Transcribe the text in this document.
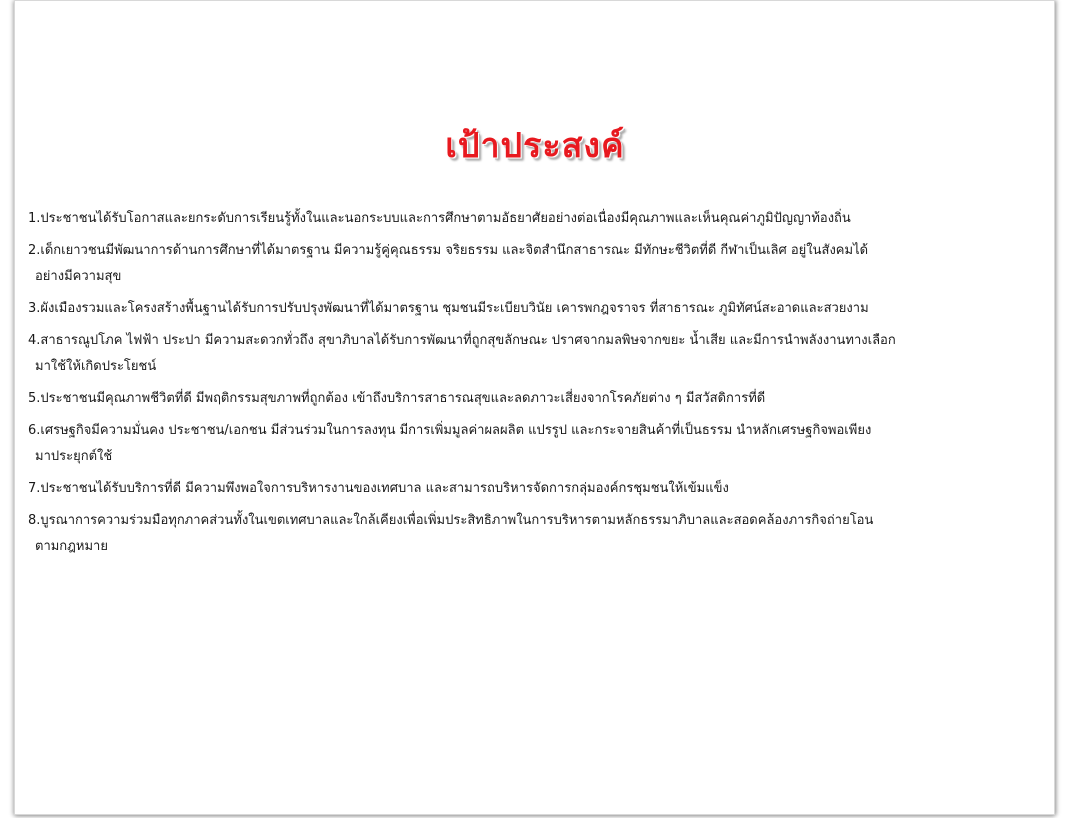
เป้าประสงค์
1.ประชาชนได้รับโอกาสและยกระดับการเรียนรู้ทั้งในและนอกระบบและการศึกษาตามอัธยาศัยอย่างต่อเนื่องมีคุณภาพและเห็นคุณค่าภูมิปัญญาท้องถิ่น
2.เด็กเยาวชนมีพัฒนาการด้านการศึกษาที่ได้มาตรฐาน มีความรู้คู่คุณธรรม จริยธรรม และจิตสำนึกสาธารณะ มีทักษะชีวิตที่ดี กีฬาเป็นเลิศ อยู่ในสังคมได้
อย่างมีความสุข
3.ผังเมืองรวมและโครงสร้างพื้นฐานได้รับการปรับปรุงพัฒนาที่ได้มาตรฐาน ชุมชนมีระเบียบวินัย เคารพกฎจราจร ที่สาธารณะ ภูมิทัศน์สะอาดและสวยงาม
4.สาธารณูปโภค ไฟฟ้า ประปา มีความสะดวกทั่วถึง สุขาภิบาลได้รับการพัฒนาที่ถูกสุขลักษณะ ปราศจากมลพิษจากขยะ น้ำเสีย และมีการนำพลังงานทางเลือก
มาใช้ให้เกิดประโยชน์
5.ประชาชนมีคุณภาพชีวิตที่ดี มีพฤติกรรมสุขภาพที่ถูกต้อง เข้าถึงบริการสาธารณสุขและลดภาวะเสี่ยงจากโรคภัยต่าง ๆ มีสวัสดิการที่ดี
6.เศรษฐกิจมีความมั่นคง ประชาชน/เอกชน มีส่วนร่วมในการลงทุน มีการเพิ่มมูลค่าผลผลิต แปรรูป และกระจายสินค้าที่เป็นธรรม นำหลักเศรษฐกิจพอเพียง
มาประยุกต์ใช้
7.ประชาชนได้รับบริการที่ดี มีความพึงพอใจการบริหารงานของเทศบาล และสามารถบริหารจัดการกลุ่มองค์กรชุมชนให้เข้มแข็ง
8.บูรณาการความร่วมมือทุกภาคส่วนทั้งในเขตเทศบาลและใกล้เคียงเพื่อเพิ่มประสิทธิภาพในการบริหารตามหลักธรรมาภิบาลและสอดคล้องภารกิจถ่ายโอน
ตามกฎหมาย
